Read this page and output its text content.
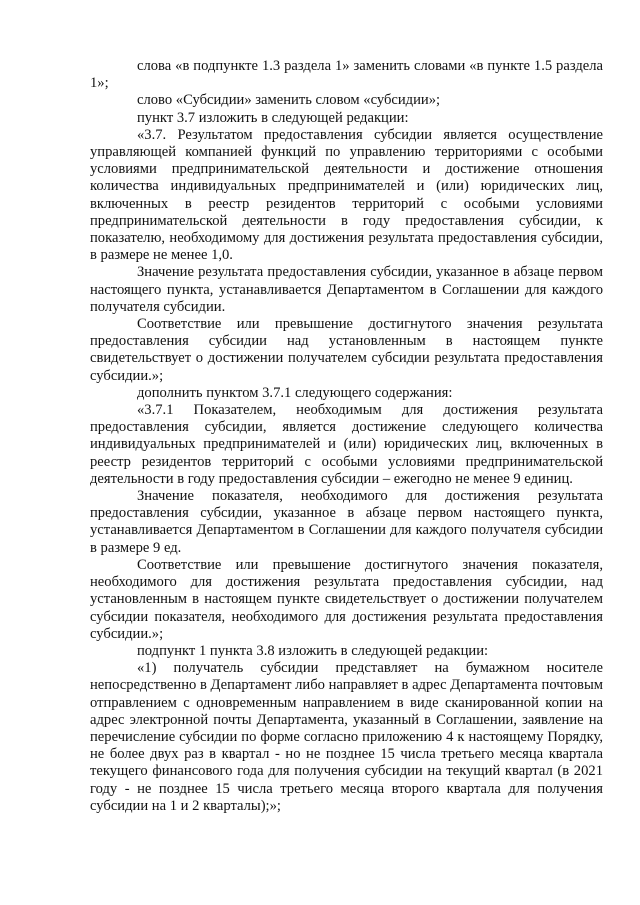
слова «в подпункте 1.3 раздела 1» заменить словами «в пункте 1.5 раздела 1»;

слово «Субсидии» заменить словом «субсидии»;

пункт 3.7 изложить в следующей редакции:

«3.7. Результатом предоставления субсидии является осуществление управляющей компанией функций по управлению территориями с особыми условиями предпринимательской деятельности и достижение отношения количества индивидуальных предпринимателей и (или) юридических лиц, включенных в реестр резидентов территорий с особыми условиями предпринимательской деятельности в году предоставления субсидии, к показателю, необходимому для достижения результата предоставления субсидии, в размере не менее 1,0.

Значение результата предоставления субсидии, указанное в абзаце первом настоящего пункта, устанавливается Департаментом в Соглашении для каждого получателя субсидии.

Соответствие или превышение достигнутого значения результата предоставления субсидии над установленным в настоящем пункте свидетельствует о достижении получателем субсидии результата предоставления субсидии.»;

дополнить пунктом 3.7.1 следующего содержания:

«3.7.1 Показателем, необходимым для достижения результата предоставления субсидии, является достижение следующего количества индивидуальных предпринимателей и (или) юридических лиц, включенных в реестр резидентов территорий с особыми условиями предпринимательской деятельности в году предоставления субсидии – ежегодно не менее 9 единиц.

Значение показателя, необходимого для достижения результата предоставления субсидии, указанное в абзаце первом настоящего пункта, устанавливается Департаментом в Соглашении для каждого получателя субсидии в размере 9 ед.

Соответствие или превышение достигнутого значения показателя, необходимого для достижения результата предоставления субсидии, над установленным в настоящем пункте свидетельствует о достижении получателем субсидии показателя, необходимого для достижения результата предоставления субсидии.»;

подпункт 1 пункта 3.8 изложить в следующей редакции:

«1) получатель субсидии представляет на бумажном носителе непосредственно в Департамент либо направляет в адрес Департамента почтовым отправлением с одновременным направлением в виде сканированной копии на адрес электронной почты Департамента, указанный в Соглашении, заявление на перечисление субсидии по форме согласно приложению 4 к настоящему Порядку, не более двух раз в квартал - но не позднее 15 числа третьего месяца квартала текущего финансового года для получения субсидии на текущий квартал (в 2021 году - не позднее 15 числа третьего месяца второго квартала для получения субсидии на 1 и 2 кварталы);»;
